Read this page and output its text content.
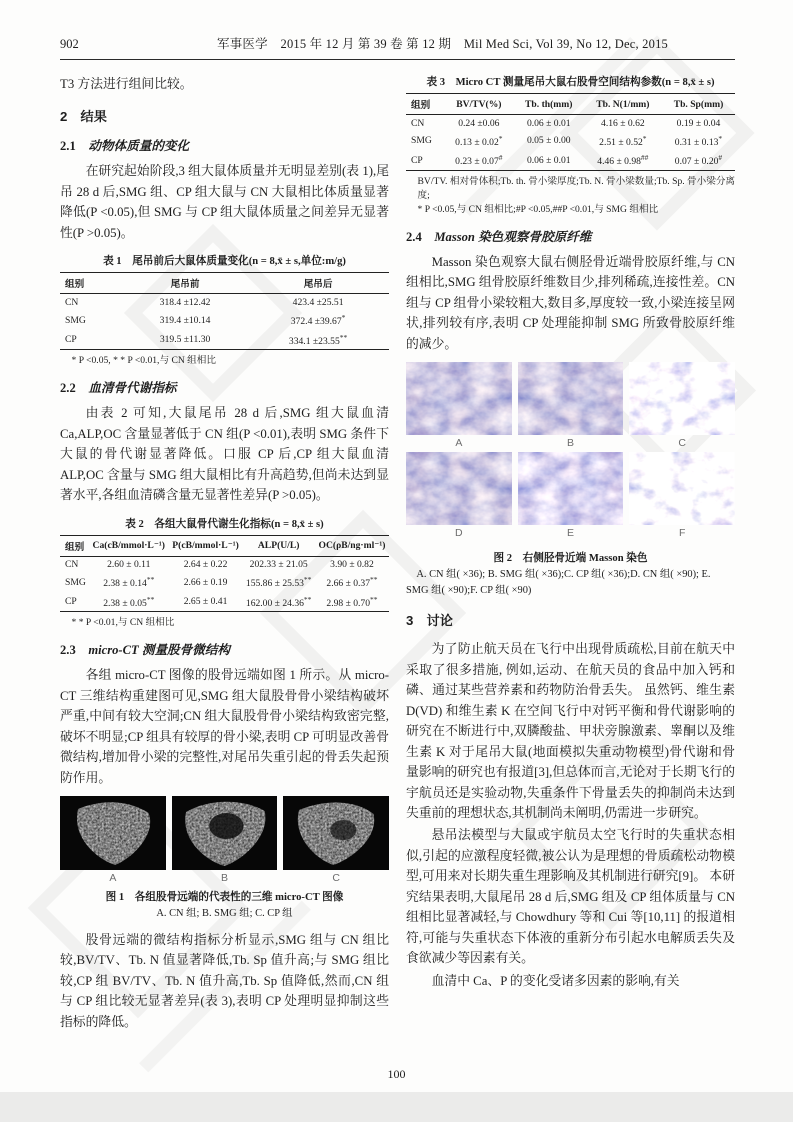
902	军事医学　2015 年 12 月 第 39 卷 第 12 期　Mil Med Sci, Vol 39, No 12, Dec, 2015

T3 方法进行组间比较。

2　结果
2.1　 动物体质量的变化

在研究起始阶段,3 组大鼠体质量并无明显差别(表 1),尾吊 28 d 后,SMG 组、CP 组大鼠与 CN 大鼠相比体质量显著降低(P <0.05),但 SMG 与 CP 组大鼠体质量之间差异无显著性(P >0.05)。

表 1　尾吊前后大鼠体质量变化(n = 8,x̄ ± s,单位:m/g)
组别	尾吊前	尾吊后
CN	318.4 ±12.42	423.4 ±25.51
SMG	319.4 ±10.14	372.4 ±39.67*
CP	319.5 ±11.30	334.1 ±23.55**

* P <0.05, * * P <0.01,与 CN 组相比

2.2　 血清骨代谢指标

由表 2 可知,大鼠尾吊 28 d 后,SMG 组大鼠血清 Ca,ALP,OC 含量显著低于 CN 组(P <0.01),表明 SMG 条件下大鼠的骨代谢显著降低。口服 CP 后,CP 组大鼠血清 ALP,OC 含量与 SMG 组大鼠相比有升高趋势,但尚未达到显著水平,各组血清磷含量无显著性差异(P >0.05)。

表 2　各组大鼠骨代谢生化指标(n = 8,x̄ ± s)
组别	Ca(cB/mmol·L⁻¹)	P(cB/mmol·L⁻¹)	ALP(U/L)	OC(ρB/ng·ml⁻¹)
CN	2.60 ± 0.11	2.64 ± 0.22	202.33 ± 21.05	3.90 ± 0.82
SMG	2.38 ± 0.14**	2.66 ± 0.19	155.86 ± 25.53**	2.66 ± 0.37**
CP	2.38 ± 0.05**	2.65 ± 0.41	162.00 ± 24.36**	2.98 ± 0.70**

* * P <0.01,与 CN 组相比

2.3　 micro-CT 测量股骨微结构

各组 micro-CT 图像的股骨远端如图 1 所示。从 micro-CT 三维结构重建图可见,SMG 组大鼠股骨骨小梁结构破坏严重,中间有较大空洞;CN 组大鼠股骨骨小梁结构致密完整,破坏不明显;CP 组具有较厚的骨小梁,表明 CP 可明显改善骨微结构,增加骨小梁的完整性,对尾吊失重引起的骨丢失起预防作用。

A	B	C
图 1　各组股骨远端的代表性的三维 micro-CT 图像
A. CN 组; B. SMG 组; C. CP 组

股骨远端的微结构指标分析显示,SMG 组与 CN 组比较,BV/TV、Tb. N 值显著降低,Tb. Sp 值升高;与 SMG 组比较,CP 组 BV/TV、Tb. N 值升高,Tb. Sp 值降低,然而,CN 组与 CP 组比较无显著差异(表 3),表明 CP 处理明显抑制这些指标的降低。

表 3　Micro CT 测量尾吊大鼠右股骨空间结构参数(n = 8,x̄ ± s)
组别	BV/TV(%)	Tb. th(mm)	Tb. N(1/mm)	Tb. Sp(mm)
CN	0.24 ±0.06	0.06 ± 0.01	4.16 ± 0.62	0.19 ± 0.04
SMG	0.13 ± 0.02*	0.05 ± 0.00	2.51 ± 0.52*	0.31 ± 0.13*
CP	0.23 ± 0.07#	0.06 ± 0.01	4.46 ± 0.98##	0.07 ± 0.20#

BV/TV. 相对骨体积;Tb. th. 骨小梁厚度;Tb. N. 骨小梁数量;Tb. Sp. 骨小梁分离度;
* P <0.05,与 CN 组相比;#P <0.05,##P <0.01,与 SMG 组相比

2.4　 Masson 染色观察骨胶原纤维

Masson 染色观察大鼠右侧胫骨近端骨胶原纤维,与 CN 组相比,SMG 组骨胶原纤维数目少,排列稀疏,连接性差。CN 组与 CP 组骨小梁较粗大,数目多,厚度较一致,小梁连接呈网状,排列较有序,表明 CP 处理能抑制 SMG 所致骨胶原纤维的减少。

A	B	C
D	E	F
图 2　右侧胫骨近端 Masson 染色
A. CN 组( ×36); B. SMG 组( ×36);C. CP 组( ×36);D. CN 组( ×90); E. SMG 组( ×90);F. CP 组( ×90)
3　讨论

为了防止航天员在飞行中出现骨质疏松,目前在航天中采取了很多措施, 例如,运动、在航天员的食品中加入钙和磷、通过某些营养素和药物防治骨丢失。 虽然钙、维生素 D(VD) 和维生素 K 在空间飞行中对钙平衡和骨代谢影响的研究在不断进行中,双膦酸盐、甲状旁腺激素、睾酮以及维生素 K 对于尾吊大鼠(地面模拟失重动物模型)骨代谢和骨量影响的研究也有报道[3],但总体而言,无论对于长期飞行的宇航员还是实验动物,失重条件下骨量丢失的抑制尚未达到失重前的理想状态,其机制尚未阐明,仍需进一步研究。

悬吊法模型与大鼠或宇航员太空飞行时的失重状态相似,引起的应激程度轻微,被公认为是理想的骨质疏松动物模型,可用来对长期失重生理影响及其机制进行研究[9]。 本研究结果表明,大鼠尾吊 28 d 后,SMG 组及 CP 组体质量与 CN 组相比显著减轻,与 Chowdhury 等和 Cui 等[10,11] 的报道相符,可能与失重状态下体液的重新分布引起水电解质丢失及食欲减少等因素有关。

血清中 Ca、P 的变化受诸多因素的影响,有关

100
